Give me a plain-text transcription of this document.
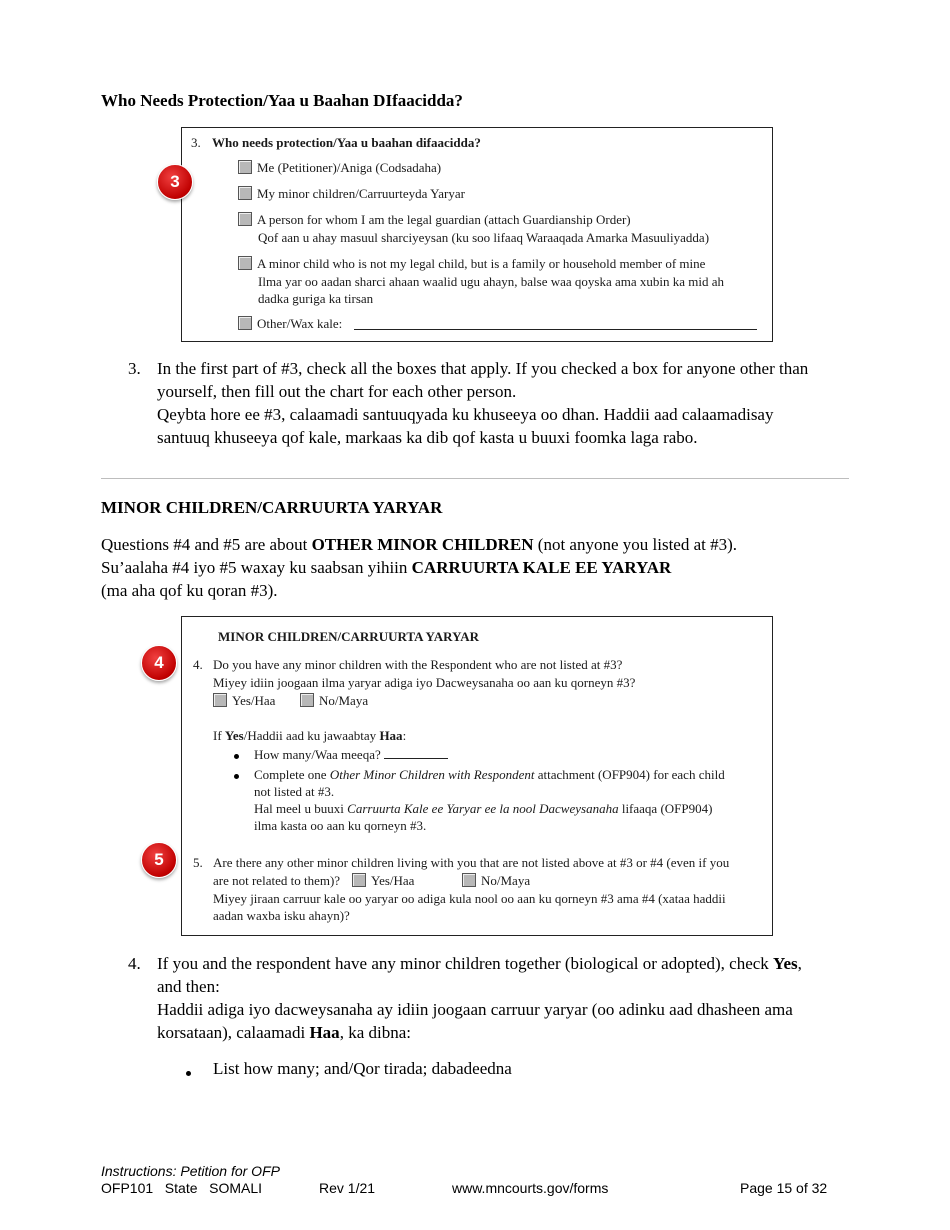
Who Needs Protection/Yaa u Baahan DIfaacidda?
3. Who needs protection/Yaa u baahan difaacidda?
Me (Petitioner)/Aniga (Codsadaha)
My minor children/Carruurteyda Yaryar
A person for whom I am the legal guardian (attach Guardianship Order)
Qof aan u ahay masuul sharciyeysan (ku soo lifaaq Waraaqada Amarka Masuuliyadda)
A minor child who is not my legal child, but is a family or household member of mine
Ilma yar oo aadan sharci ahaan waalid ugu ahayn, balse waa qoyska ama xubin ka mid ah
dadka guriga ka tirsan
Other/Wax kale:
3
3. In the first part of #3, check all the boxes that apply. If you checked a box for anyone other than
yourself, then fill out the chart for each other person.
Qeybta hore ee #3, calaamadi santuuqyada ku khuseeya oo dhan. Haddii aad calaamadisay
santuuq khuseeya qof kale, markaas ka dib qof kasta u buuxi foomka laga rabo.
MINOR CHILDREN/CARRUURTA YARYAR
Questions #4 and #5 are about OTHER MINOR CHILDREN (not anyone you listed at #3).
Su’aalaha #4 iyo #5 waxay ku saabsan yihiin CARRUURTA KALE EE YARYAR
(ma aha qof ku qoran #3).
MINOR CHILDREN/CARRUURTA YARYAR
4. Do you have any minor children with the Respondent who are not listed at #3?
Miyey idiin joogaan ilma yaryar adiga iyo Dacweysanaha oo aan ku qorneyn #3?
Yes/Haa	No/Maya
If Yes/Haddii aad ku jawaabtay Haa:
How many/Waa meeqa?
Complete one Other Minor Children with Respondent attachment (OFP904) for each child
not listed at #3.
Hal meel u buuxi Carruurta Kale ee Yaryar ee la nool Dacweysanaha lifaaqa (OFP904)
ilma kasta oo aan ku qorneyn #3.
5. Are there any other minor children living with you that are not listed above at #3 or #4 (even if you
are not related to them)?	Yes/Haa	No/Maya
Miyey jiraan carruur kale oo yaryar oo adiga kula nool oo aan ku qorneyn #3 ama #4 (xataa haddii
aadan waxba isku ahayn)?
4
5
4. If you and the respondent have any minor children together (biological or adopted), check Yes,
and then:
Haddii adiga iyo dacweysanaha ay idiin joogaan carruur yaryar (oo adinku aad dhasheen ama
korsataan), calaamadi Haa, ka dibna:
List how many; and/Qor tirada; dabadeedna
Instructions: Petition for OFP
OFP101   State   SOMALI	Rev 1/21	www.mncourts.gov/forms	Page 15 of 32
